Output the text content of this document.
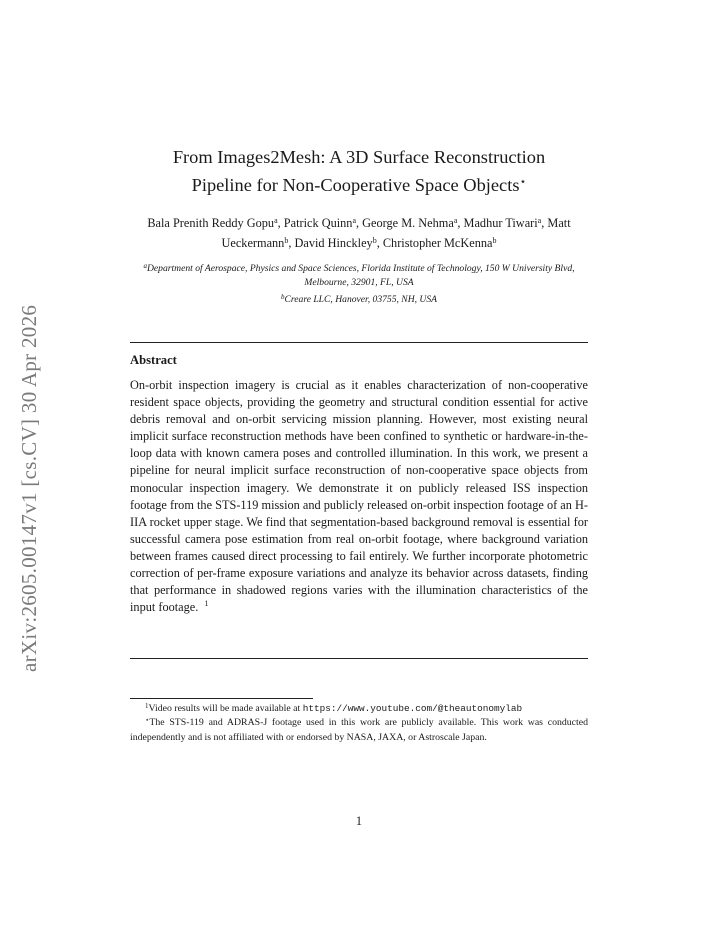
arXiv:2605.00147v1 [cs.CV] 30 Apr 2026
From Images2Mesh: A 3D Surface Reconstruction
Pipeline for Non-Cooperative Space Objects⋆
Bala Prenith Reddy Gopu$^a$, Patrick Quinn$^a$, George M. Nehma$^a$, Madhur Tiwari$^a$, Matt Ueckermann$^b$, David Hinckley$^b$, Christopher McKenna$^b$
$^a$Department of Aerospace, Physics and Space Sciences, Florida Institute of Technology, 150 W University Blvd, Melbourne, 32901, FL, USA
$^b$Creare LLC, Hanover, 03755, NH, USA
Abstract
On-orbit inspection imagery is crucial as it enables characterization of non-cooperative resident space objects, providing the geometry and structural condition essential for active debris removal and on-orbit servicing mission planning. However, most existing neural implicit surface reconstruction methods have been confined to synthetic or hardware-in-the-loop data with known camera poses and controlled illumination. In this work, we present a pipeline for neural implicit surface reconstruction of non-cooperative space objects from monocular inspection imagery. We demonstrate it on publicly released ISS inspection footage from the STS-119 mission and publicly released on-orbit inspection footage of an H-IIA rocket upper stage. We find that segmentation-based background removal is essential for successful camera pose estimation from real on-orbit footage, where background variation between frames caused direct processing to fail entirely. We further incorporate photometric correction of per-frame exposure variations and analyze its behavior across datasets, finding that performance in shadowed regions varies with the illumination characteristics of the input footage. $^1$

$^1$Video results will be made available at https://www.youtube.com/@theautonomylab

⋆The STS-119 and ADRAS-J footage used in this work are publicly available. This work was conducted independently and is not affiliated with or endorsed by NASA, JAXA, or Astroscale Japan.

1
